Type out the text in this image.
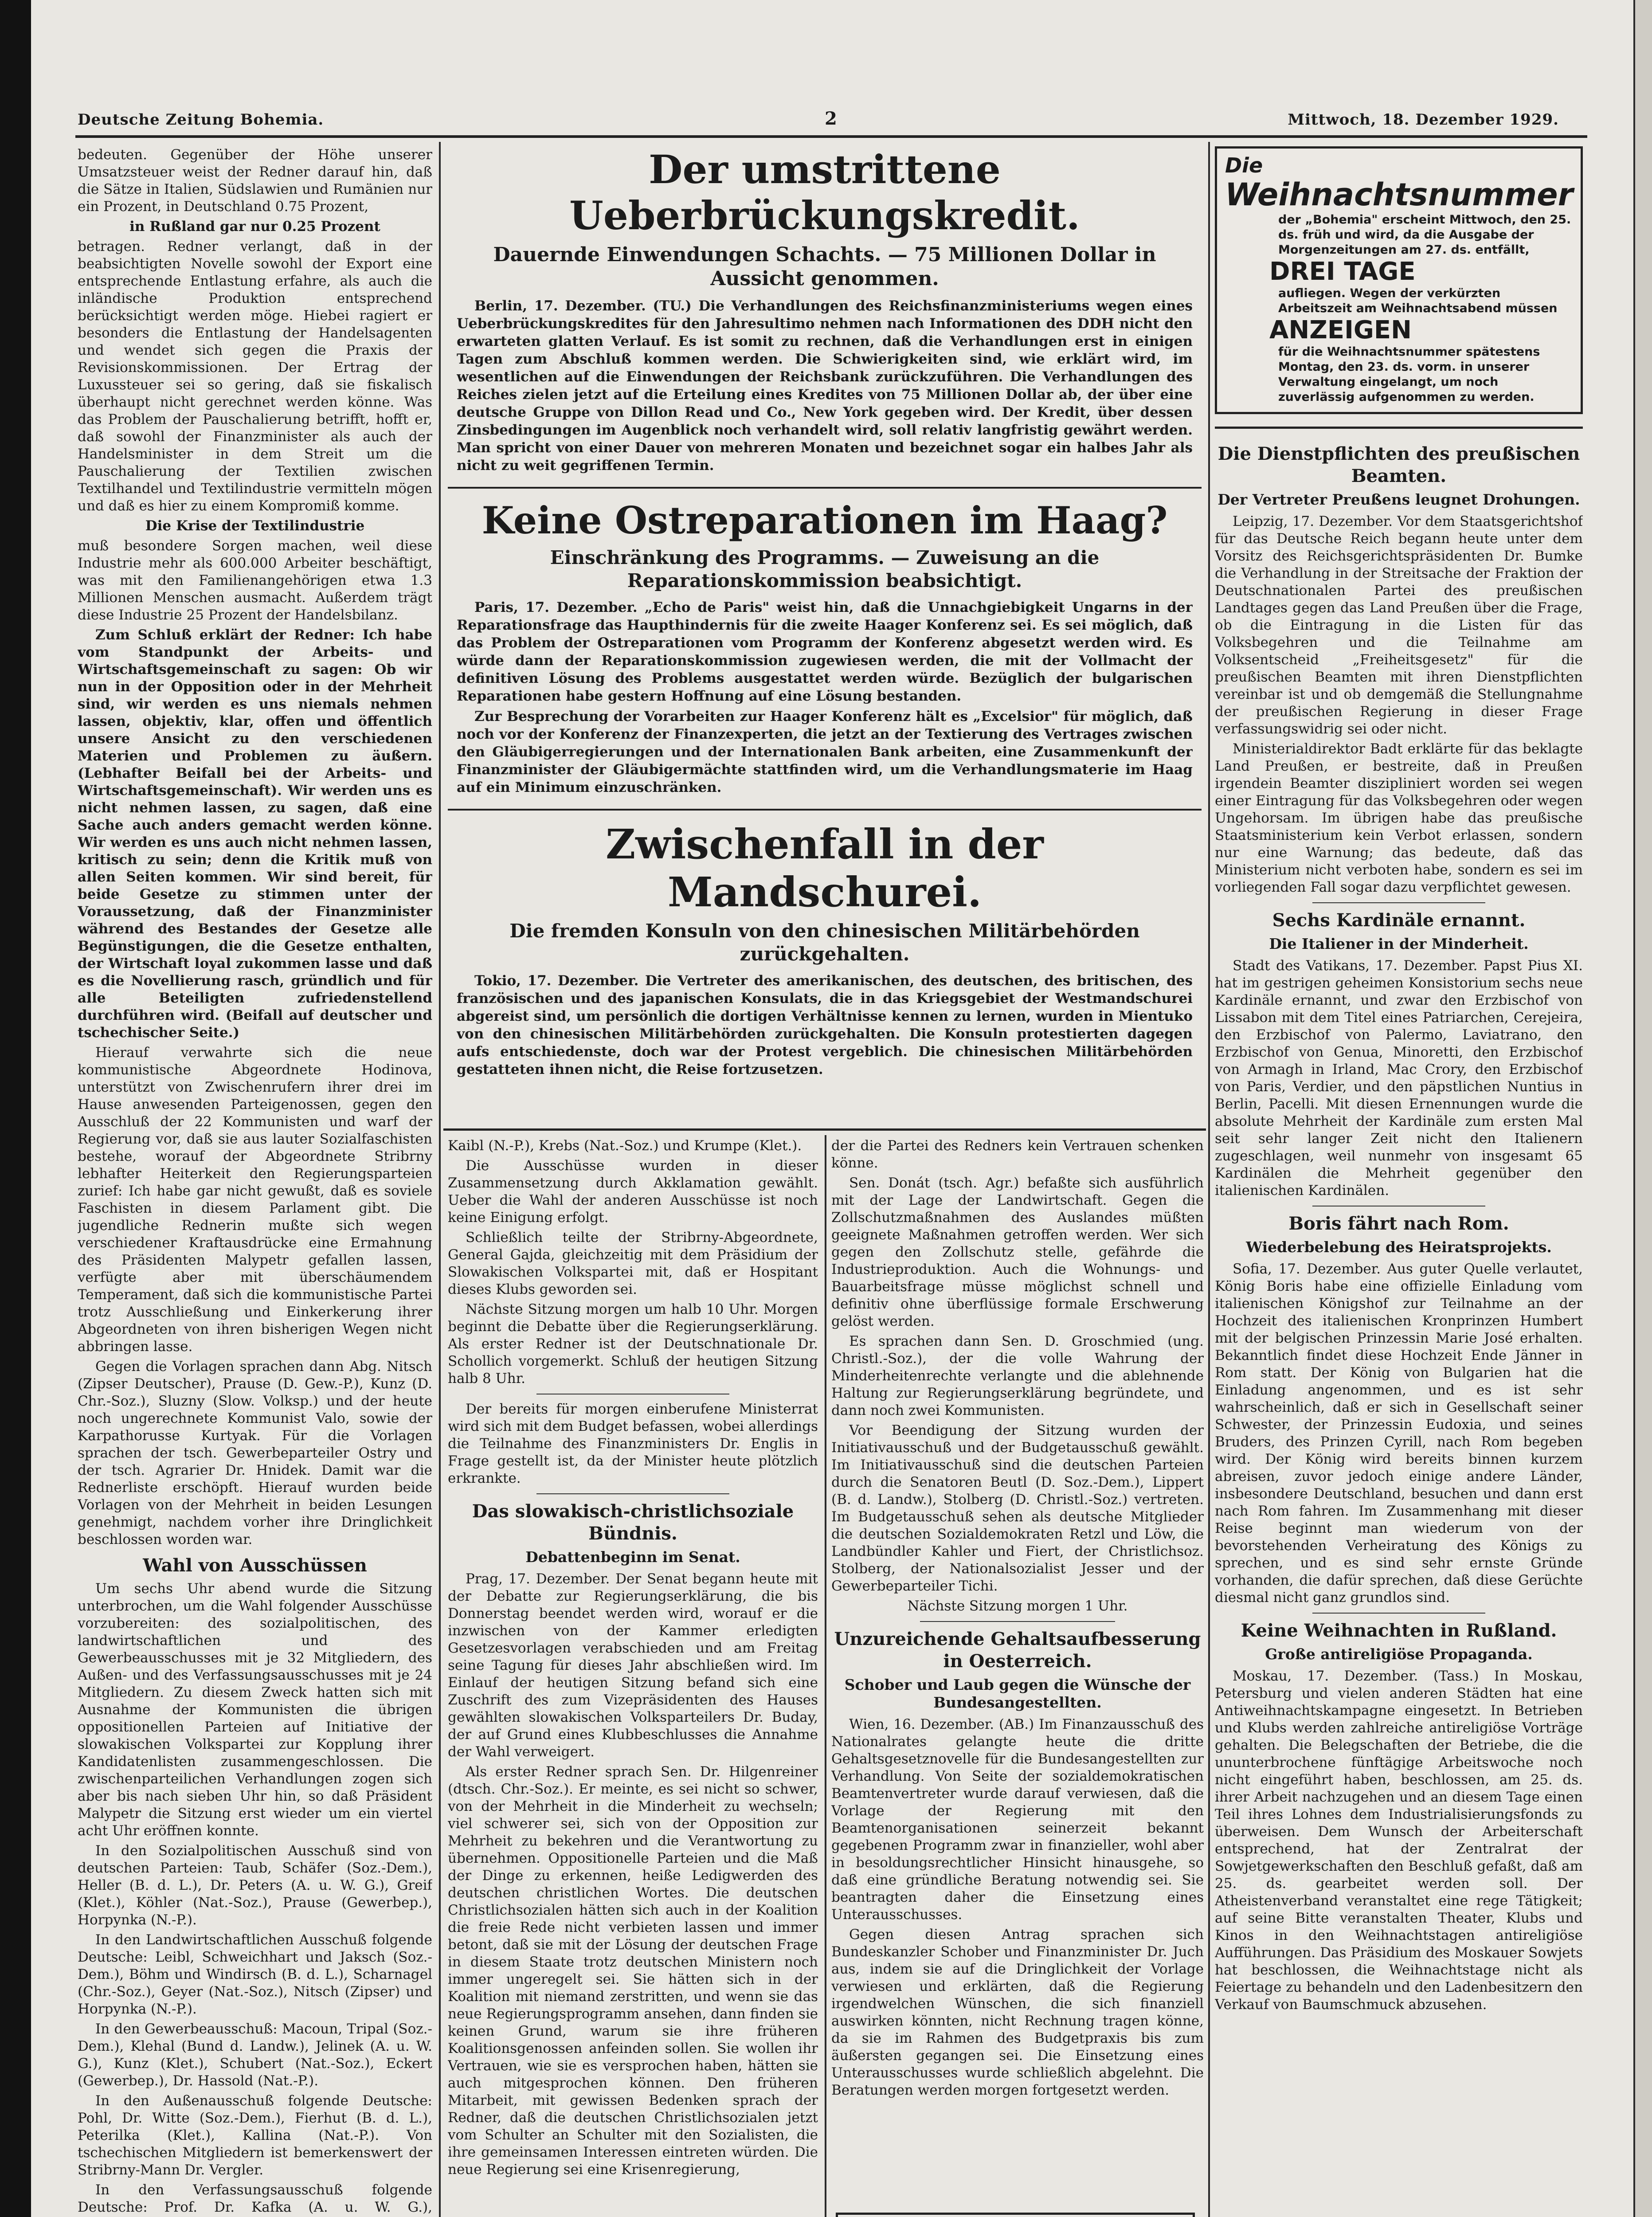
Deutsche Zeitung Bohemia.	2	Mittwoch, 18. Dezember 1929.

bedeuten. Gegenüber der Höhe unserer Umsatzsteuer weist der Redner darauf hin, daß die Sätze in Italien, Südslawien und Rumänien nur ein Prozent, in Deutschland 0.75 Prozent,

in Rußland gar nur 0.25 Prozent

betragen. Redner verlangt, daß in der beabsichtigten Novelle sowohl der Export eine entsprechende Entlastung erfahre, als auch die inländische Produktion entsprechend berücksichtigt werden möge. Hiebei ragiert er besonders die Entlastung der Handelsagenten und wendet sich gegen die Praxis der Revisionskommissionen. Der Ertrag der Luxussteuer sei so gering, daß sie fiskalisch überhaupt nicht gerechnet werden könne. Was das Problem der Pauschalierung betrifft, hofft er, daß sowohl der Finanzminister als auch der Handelsminister in dem Streit um die Pauschalierung der Textilien zwischen Textilhandel und Textilindustrie vermitteln mögen und daß es hier zu einem Kompromiß komme.

Die Krise der Textilindustrie

muß besondere Sorgen machen, weil diese Industrie mehr als 600.000 Arbeiter beschäftigt, was mit den Familienangehörigen etwa 1.3 Millionen Menschen ausmacht. Außerdem trägt diese Industrie 25 Prozent der Handelsbilanz.

Zum Schluß erklärt der Redner: Ich habe vom Standpunkt der Arbeits- und Wirtschaftsgemeinschaft zu sagen: Ob wir nun in der Opposition oder in der Mehrheit sind, wir werden es uns niemals nehmen lassen, objektiv, klar, offen und öffentlich unsere Ansicht zu den verschiedenen Materien und Problemen zu äußern. (Lebhafter Beifall bei der Arbeits- und Wirtschaftsgemeinschaft). Wir werden uns es nicht nehmen lassen, zu sagen, daß eine Sache auch anders gemacht werden könne. Wir werden es uns auch nicht nehmen lassen, kritisch zu sein; denn die Kritik muß von allen Seiten kommen. Wir sind bereit, für beide Gesetze zu stimmen unter der Voraussetzung, daß der Finanzminister während des Bestandes der Gesetze alle Begünstigungen, die die Gesetze enthalten, der Wirtschaft loyal zukommen lasse und daß es die Novellierung rasch, gründlich und für alle Beteiligten zufriedenstellend durchführen wird. (Beifall auf deutscher und tschechischer Seite.)

Hierauf verwahrte sich die neue kommunistische Abgeordnete Hodinova, unterstützt von Zwischenrufern ihrer drei im Hause anwesenden Parteigenossen, gegen den Ausschluß der 22 Kommunisten und warf der Regierung vor, daß sie aus lauter Sozialfaschisten bestehe, worauf der Abgeordnete Stribrny lebhafter Heiterkeit den Regierungsparteien zurief: Ich habe gar nicht gewußt, daß es soviele Faschisten in diesem Parlament gibt. Die jugendliche Rednerin mußte sich wegen verschiedener Kraftausdrücke eine Ermahnung des Präsidenten Malypetr gefallen lassen, verfügte aber mit überschäumendem Temperament, daß sich die kommunistische Partei trotz Ausschließung und Einkerkerung ihrer Abgeordneten von ihren bisherigen Wegen nicht abbringen lasse.

Gegen die Vorlagen sprachen dann Abg. Nitsch (Zipser Deutscher), Prause (D. Gew.-P.), Kunz (D. Chr.-Soz.), Sluzny (Slow. Volksp.) und der heute noch ungerechnete Kommunist Valo, sowie der Karpathorusse Kurtyak. Für die Vorlagen sprachen der tsch. Gewerbeparteiler Ostry und der tsch. Agrarier Dr. Hnidek. Damit war die Rednerliste erschöpft. Hierauf wurden beide Vorlagen von der Mehrheit in beiden Lesungen genehmigt, nachdem vorher ihre Dringlichkeit beschlossen worden war.

Wahl von Ausschüssen

Um sechs Uhr abend wurde die Sitzung unterbrochen, um die Wahl folgender Ausschüsse vorzubereiten: des sozialpolitischen, des landwirtschaftlichen und des Gewerbeausschusses mit je 32 Mitgliedern, des Außen- und des Verfassungsausschusses mit je 24 Mitgliedern. Zu diesem Zweck hatten sich mit Ausnahme der Kommunisten die übrigen oppositionellen Parteien auf Initiative der slowakischen Volkspartei zur Kopplung ihrer Kandidatenlisten zusammengeschlossen. Die zwischenparteilichen Verhandlungen zogen sich aber bis nach sieben Uhr hin, so daß Präsident Malypetr die Sitzung erst wieder um ein viertel acht Uhr eröffnen konnte.

In den Sozialpolitischen Ausschuß sind von deutschen Parteien: Taub, Schäfer (Soz.-Dem.), Heller (B. d. L.), Dr. Peters (A. u. W. G.), Greif (Klet.), Köhler (Nat.-Soz.), Prause (Gewerbep.), Horpynka (N.-P.).

In den Landwirtschaftlichen Ausschuß folgende Deutsche: Leibl, Schweichhart und Jaksch (Soz.-Dem.), Böhm und Windirsch (B. d. L.), Scharnagel (Chr.-Soz.), Geyer (Nat.-Soz.), Nitsch (Zipser) und Horpynka (N.-P.).

In den Gewerbeausschuß: Macoun, Tripal (Soz.-Dem.), Klehal (Bund d. Landw.), Jelinek (A. u. W. G.), Kunz (Klet.), Schubert (Nat.-Soz.), Eckert (Gewerbep.), Dr. Hassold (Nat.-P.).

In den Außenausschuß folgende Deutsche: Pohl, Dr. Witte (Soz.-Dem.), Fierhut (B. d. L.), Peterilka (Klet.), Kallina (Nat.-P.). Von tschechischen Mitgliedern ist bemerkenswert der Stribrny-Mann Dr. Vergler.

In den Verfassungsausschuß folgende Deutsche: Prof. Dr. Kafka (A. u. W. G.),

Der umstrittene Ueberbrückungskredit.
Dauernde Einwendungen Schachts. — 75 Millionen Dollar in Aussicht genommen.

Berlin, 17. Dezember. (TU.) Die Verhandlungen des Reichsfinanzministeriums wegen eines Ueberbrückungskredites für den Jahresultimo nehmen nach Informationen des DDH nicht den erwarteten glatten Verlauf. Es ist somit zu rechnen, daß die Verhandlungen erst in einigen Tagen zum Abschluß kommen werden. Die Schwierigkeiten sind, wie erklärt wird, im wesentlichen auf die Einwendungen der Reichsbank zurückzuführen. Die Verhandlungen des Reiches zielen jetzt auf die Erteilung eines Kredites von 75 Millionen Dollar ab, der über eine deutsche Gruppe von Dillon Read und Co., New York gegeben wird. Der Kredit, über dessen Zinsbedingungen im Augenblick noch verhandelt wird, soll relativ langfristig gewährt werden. Man spricht von einer Dauer von mehreren Monaten und bezeichnet sogar ein halbes Jahr als nicht zu weit gegriffenen Termin.

Keine Ostreparationen im Haag?
Einschränkung des Programms. — Zuweisung an die Reparationskommission beabsichtigt.

Paris, 17. Dezember. „Echo de Paris" weist hin, daß die Unnachgiebigkeit Ungarns in der Reparationsfrage das Haupthindernis für die zweite Haager Konferenz sei. Es sei möglich, daß das Problem der Ostreparationen vom Programm der Konferenz abgesetzt werden wird. Es würde dann der Reparationskommission zugewiesen werden, die mit der Vollmacht der definitiven Lösung des Problems ausgestattet werden würde. Bezüglich der bulgarischen Reparationen habe gestern Hoffnung auf eine Lösung bestanden.

Zur Besprechung der Vorarbeiten zur Haager Konferenz hält es „Excelsior" für möglich, daß noch vor der Konferenz der Finanzexperten, die jetzt an der Textierung des Vertrages zwischen den Gläubigerregierungen und der Internationalen Bank arbeiten, eine Zusammenkunft der Finanzminister der Gläubigermächte stattfinden wird, um die Verhandlungsmaterie im Haag auf ein Minimum einzuschränken.

Zwischenfall in der Mandschurei.
Die fremden Konsuln von den chinesischen Militärbehörden zurückgehalten.

Tokio, 17. Dezember. Die Vertreter des amerikanischen, des deutschen, des britischen, des französischen und des japanischen Konsulats, die in das Kriegsgebiet der Westmandschurei abgereist sind, um persönlich die dortigen Verhältnisse kennen zu lernen, wurden in Mientuko von den chinesischen Militärbehörden zurückgehalten. Die Konsuln protestierten dagegen aufs entschiedenste, doch war der Protest vergeblich. Die chinesischen Militärbehörden gestatteten ihnen nicht, die Reise fortzusetzen.

Kaibl (N.-P.), Krebs (Nat.-Soz.) und Krumpe (Klet.).

Die Ausschüsse wurden in dieser Zusammensetzung durch Akklamation gewählt. Ueber die Wahl der anderen Ausschüsse ist noch keine Einigung erfolgt.

Schließlich teilte der Stribrny-Abgeordnete, General Gajda, gleichzeitig mit dem Präsidium der Slowakischen Volkspartei mit, daß er Hospitant dieses Klubs geworden sei.

Nächste Sitzung morgen um halb 10 Uhr. Morgen beginnt die Debatte über die Regierungserklärung. Als erster Redner ist der Deutschnationale Dr. Schollich vorgemerkt. Schluß der heutigen Sitzung halb 8 Uhr.

Der bereits für morgen einberufene Ministerrat wird sich mit dem Budget befassen, wobei allerdings die Teilnahme des Finanzministers Dr. Englis in Frage gestellt ist, da der Minister heute plötzlich erkrankte.

Das slowakisch-christlichsoziale Bündnis.
Debattenbeginn im Senat.

Prag, 17. Dezember. Der Senat begann heute mit der Debatte zur Regierungserklärung, die bis Donnerstag beendet werden wird, worauf er die inzwischen von der Kammer erledigten Gesetzesvorlagen verabschieden und am Freitag seine Tagung für dieses Jahr abschließen wird. Im Einlauf der heutigen Sitzung befand sich eine Zuschrift des zum Vizepräsidenten des Hauses gewählten slowakischen Volksparteilers Dr. Buday, der auf Grund eines Klubbeschlusses die Annahme der Wahl verweigert.

Als erster Redner sprach Sen. Dr. Hilgenreiner (dtsch. Chr.-Soz.). Er meinte, es sei nicht so schwer, von der Mehrheit in die Minderheit zu wechseln; viel schwerer sei, sich von der Opposition zur Mehrheit zu bekehren und die Verantwortung zu übernehmen. Oppositionelle Parteien und die Maß der Dinge zu erkennen, heiße Ledigwerden des deutschen christlichen Wortes. Die deutschen Christlichsozialen hätten sich auch in der Koalition die freie Rede nicht verbieten lassen und immer betont, daß sie mit der Lösung der deutschen Frage in diesem Staate trotz deutschen Ministern noch immer ungeregelt sei. Sie hätten sich in der Koalition mit niemand zerstritten, und wenn sie das neue Regierungsprogramm ansehen, dann finden sie keinen Grund, warum sie ihre früheren Koalitionsgenossen anfeinden sollen. Sie wollen ihr Vertrauen, wie sie es versprochen haben, hätten sie auch mitgesprochen können. Den früheren Mitarbeit, mit gewissen Bedenken sprach der Redner, daß die deutschen Christlichsozialen jetzt vom Schulter an Schulter mit den Sozialisten, die ihre gemeinsamen Interessen eintreten würden. Die neue Regierung sei eine Krisenregierung,

der die Partei des Redners kein Vertrauen schenken könne.

Sen. Donát (tsch. Agr.) befaßte sich ausführlich mit der Lage der Landwirtschaft. Gegen die Zollschutzmaßnahmen des Auslandes müßten geeignete Maßnahmen getroffen werden. Wer sich gegen den Zollschutz stelle, gefährde die Industrieproduktion. Auch die Wohnungs- und Bauarbeitsfrage müsse möglichst schnell und definitiv ohne überflüssige formale Erschwerung gelöst werden.

Es sprachen dann Sen. D. Groschmied (ung. Christl.-Soz.), der die volle Wahrung der Minderheitenrechte verlangte und die ablehnende Haltung zur Regierungserklärung begründete, und dann noch zwei Kommunisten.

Vor Beendigung der Sitzung wurden der Initiativausschuß und der Budgetausschuß gewählt. Im Initiativausschuß sind die deutschen Parteien durch die Senatoren Beutl (D. Soz.-Dem.), Lippert (B. d. Landw.), Stolberg (D. Christl.-Soz.) vertreten. Im Budgetausschuß sehen als deutsche Mitglieder die deutschen Sozialdemokraten Retzl und Löw, die Landbündler Kahler und Fiert, der Christlichsoz. Stolberg, der Nationalsozialist Jesser und der Gewerbeparteiler Tichi.

Nächste Sitzung morgen 1 Uhr.

Unzureichende Gehaltsaufbesserung in Oesterreich.
Schober und Laub gegen die Wünsche der Bundesangestellten.

Wien, 16. Dezember. (AB.) Im Finanzausschuß des Nationalrates gelangte heute die dritte Gehaltsgesetznovelle für die Bundesangestellten zur Verhandlung. Von Seite der sozialdemokratischen Beamtenvertreter wurde darauf verwiesen, daß die Vorlage der Regierung mit den Beamtenorganisationen seinerzeit bekannt gegebenen Programm zwar in finanzieller, wohl aber in besoldungsrechtlicher Hinsicht hinausgehe, so daß eine gründliche Beratung notwendig sei. Sie beantragten daher die Einsetzung eines Unterausschusses.

Gegen diesen Antrag sprachen sich Bundeskanzler Schober und Finanzminister Dr. Juch aus, indem sie auf die Dringlichkeit der Vorlage verwiesen und erklärten, daß die Regierung irgendwelchen Wünschen, die sich finanziell auswirken könnten, nicht Rechnung tragen könne, da sie im Rahmen des Budgetpraxis bis zum äußersten gegangen sei. Die Einsetzung eines Unterausschusses wurde schließlich abgelehnt. Die Beratungen werden morgen fortgesetzt werden.

Die
Weihnachtsnummer
der „Bohemia" erscheint Mittwoch, den 25. ds. früh und wird, da die Ausgabe der Morgenzeitungen am 27. ds. entfällt,
DREI TAGE
aufliegen. Wegen der verkürzten Arbeitszeit am Weihnachtsabend müssen
ANZEIGEN
für die Weihnachtsnummer spätestens Montag, den 23. ds. vorm. in unserer Verwaltung eingelangt, um noch zuverlässig aufgenommen zu werden.
Die Dienstpflichten des preußischen Beamten.
Der Vertreter Preußens leugnet Drohungen.

Leipzig, 17. Dezember. Vor dem Staatsgerichtshof für das Deutsche Reich begann heute unter dem Vorsitz des Reichsgerichtspräsidenten Dr. Bumke die Verhandlung in der Streitsache der Fraktion der Deutschnationalen Partei des preußischen Landtages gegen das Land Preußen über die Frage, ob die Eintragung in die Listen für das Volksbegehren und die Teilnahme am Volksentscheid „Freiheitsgesetz" für die preußischen Beamten mit ihren Dienstpflichten vereinbar ist und ob demgemäß die Stellungnahme der preußischen Regierung in dieser Frage verfassungswidrig sei oder nicht.

Ministerialdirektor Badt erklärte für das beklagte Land Preußen, er bestreite, daß in Preußen irgendein Beamter diszipliniert worden sei wegen einer Eintragung für das Volksbegehren oder wegen Ungehorsam. Im übrigen habe das preußische Staatsministerium kein Verbot erlassen, sondern nur eine Warnung; das bedeute, daß das Ministerium nicht verboten habe, sondern es sei im vorliegenden Fall sogar dazu verpflichtet gewesen.

Sechs Kardinäle ernannt.
Die Italiener in der Minderheit.

Stadt des Vatikans, 17. Dezember. Papst Pius XI. hat im gestrigen geheimen Konsistorium sechs neue Kardinäle ernannt, und zwar den Erzbischof von Lissabon mit dem Titel eines Patriarchen, Cerejeira, den Erzbischof von Palermo, Laviatrano, den Erzbischof von Genua, Minoretti, den Erzbischof von Armagh in Irland, Mac Crory, den Erzbischof von Paris, Verdier, und den päpstlichen Nuntius in Berlin, Pacelli. Mit diesen Ernennungen wurde die absolute Mehrheit der Kardinäle zum ersten Mal seit sehr langer Zeit nicht den Italienern zugeschlagen, weil nunmehr von insgesamt 65 Kardinälen die Mehrheit gegenüber den italienischen Kardinälen.

Boris fährt nach Rom.
Wiederbelebung des Heiratsprojekts.

Sofia, 17. Dezember. Aus guter Quelle verlautet, König Boris habe eine offizielle Einladung vom italienischen Königshof zur Teilnahme an der Hochzeit des italienischen Kronprinzen Humbert mit der belgischen Prinzessin Marie José erhalten. Bekanntlich findet diese Hochzeit Ende Jänner in Rom statt. Der König von Bulgarien hat die Einladung angenommen, und es ist sehr wahrscheinlich, daß er sich in Gesellschaft seiner Schwester, der Prinzessin Eudoxia, und seines Bruders, des Prinzen Cyrill, nach Rom begeben wird. Der König wird bereits binnen kurzem abreisen, zuvor jedoch einige andere Länder, insbesondere Deutschland, besuchen und dann erst nach Rom fahren. Im Zusammenhang mit dieser Reise beginnt man wiederum von der bevorstehenden Verheiratung des Königs zu sprechen, und es sind sehr ernste Gründe vorhanden, die dafür sprechen, daß diese Gerüchte diesmal nicht ganz grundlos sind.

Keine Weihnachten in Rußland.
Große antireligiöse Propaganda.

Moskau, 17. Dezember. (Tass.) In Moskau, Petersburg und vielen anderen Städten hat eine Antiweihnachtskampagne eingesetzt. In Betrieben und Klubs werden zahlreiche antireligiöse Vorträge gehalten. Die Belegschaften der Betriebe, die die ununterbrochene fünftägige Arbeitswoche noch nicht eingeführt haben, beschlossen, am 25. ds. ihrer Arbeit nachzugehen und an diesem Tage einen Teil ihres Lohnes dem Industrialisierungsfonds zu überweisen. Dem Wunsch der Arbeiterschaft entsprechend, hat der Zentralrat der Sowjetgewerkschaften den Beschluß gefaßt, daß am 25. ds. gearbeitet werden soll. Der Atheistenverband veranstaltet eine rege Tätigkeit; auf seine Bitte veranstalten Theater, Klubs und Kinos in den Weihnachtstagen antireligiöse Aufführungen. Das Präsidium des Moskauer Sowjets hat beschlossen, die Weihnachtstage nicht als Feiertage zu behandeln und den Ladenbesitzern den Verkauf von Baumschmuck abzusehen.
